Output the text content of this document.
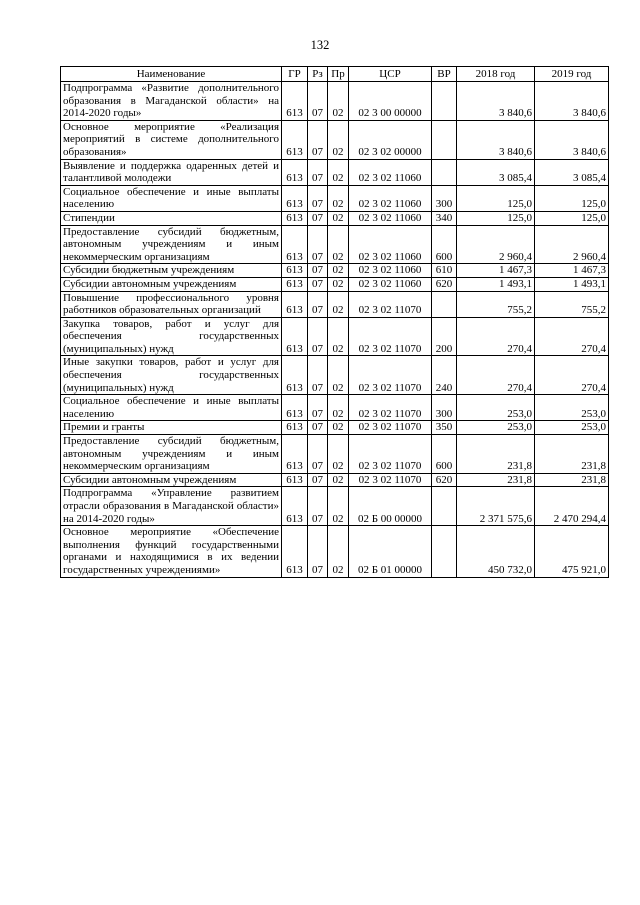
132
Наименование	ГР	Рз	Пр	ЦСР	ВР	2018 год	2019 год
Подпрограмма «Развитие дополнительного образования в Магаданской области» на 2014-2020 годы»	613	07	02	02 3 00 00000		3 840,6	3 840,6
Основное мероприятие «Реализация мероприятий в системе дополнительного образования»	613	07	02	02 3 02 00000		3 840,6	3 840,6
Выявление и поддержка одаренных детей и талантливой молодежи	613	07	02	02 3 02 11060		3 085,4	3 085,4
Социальное обеспечение и иные выплаты населению	613	07	02	02 3 02 11060	300	125,0	125,0
Стипендии	613	07	02	02 3 02 11060	340	125,0	125,0
Предоставление субсидий бюджетным, автономным учреждениям и иным некоммерческим организациям	613	07	02	02 3 02 11060	600	2 960,4	2 960,4
Субсидии бюджетным учреждениям	613	07	02	02 3 02 11060	610	1 467,3	1 467,3
Субсидии автономным учреждениям	613	07	02	02 3 02 11060	620	1 493,1	1 493,1
Повышение профессионального уровня работников образовательных организаций	613	07	02	02 3 02 11070		755,2	755,2
Закупка товаров, работ и услуг для обеспечения государственных (муниципальных) нужд	613	07	02	02 3 02 11070	200	270,4	270,4
Иные закупки товаров, работ и услуг для обеспечения государственных (муниципальных) нужд	613	07	02	02 3 02 11070	240	270,4	270,4
Социальное обеспечение и иные выплаты населению	613	07	02	02 3 02 11070	300	253,0	253,0
Премии и гранты	613	07	02	02 3 02 11070	350	253,0	253,0
Предоставление субсидий бюджетным, автономным учреждениям и иным некоммерческим организациям	613	07	02	02 3 02 11070	600	231,8	231,8
Субсидии автономным учреждениям	613	07	02	02 3 02 11070	620	231,8	231,8
Подпрограмма «Управление развитием отрасли образования в Магаданской области» на 2014-2020 годы»	613	07	02	02 Б 00 00000		2 371 575,6	2 470 294,4
Основное мероприятие «Обеспечение выполнения функций государственными органами и находящимися в их ведении государственных учреждениями»	613	07	02	02 Б 01 00000		450 732,0	475 921,0
